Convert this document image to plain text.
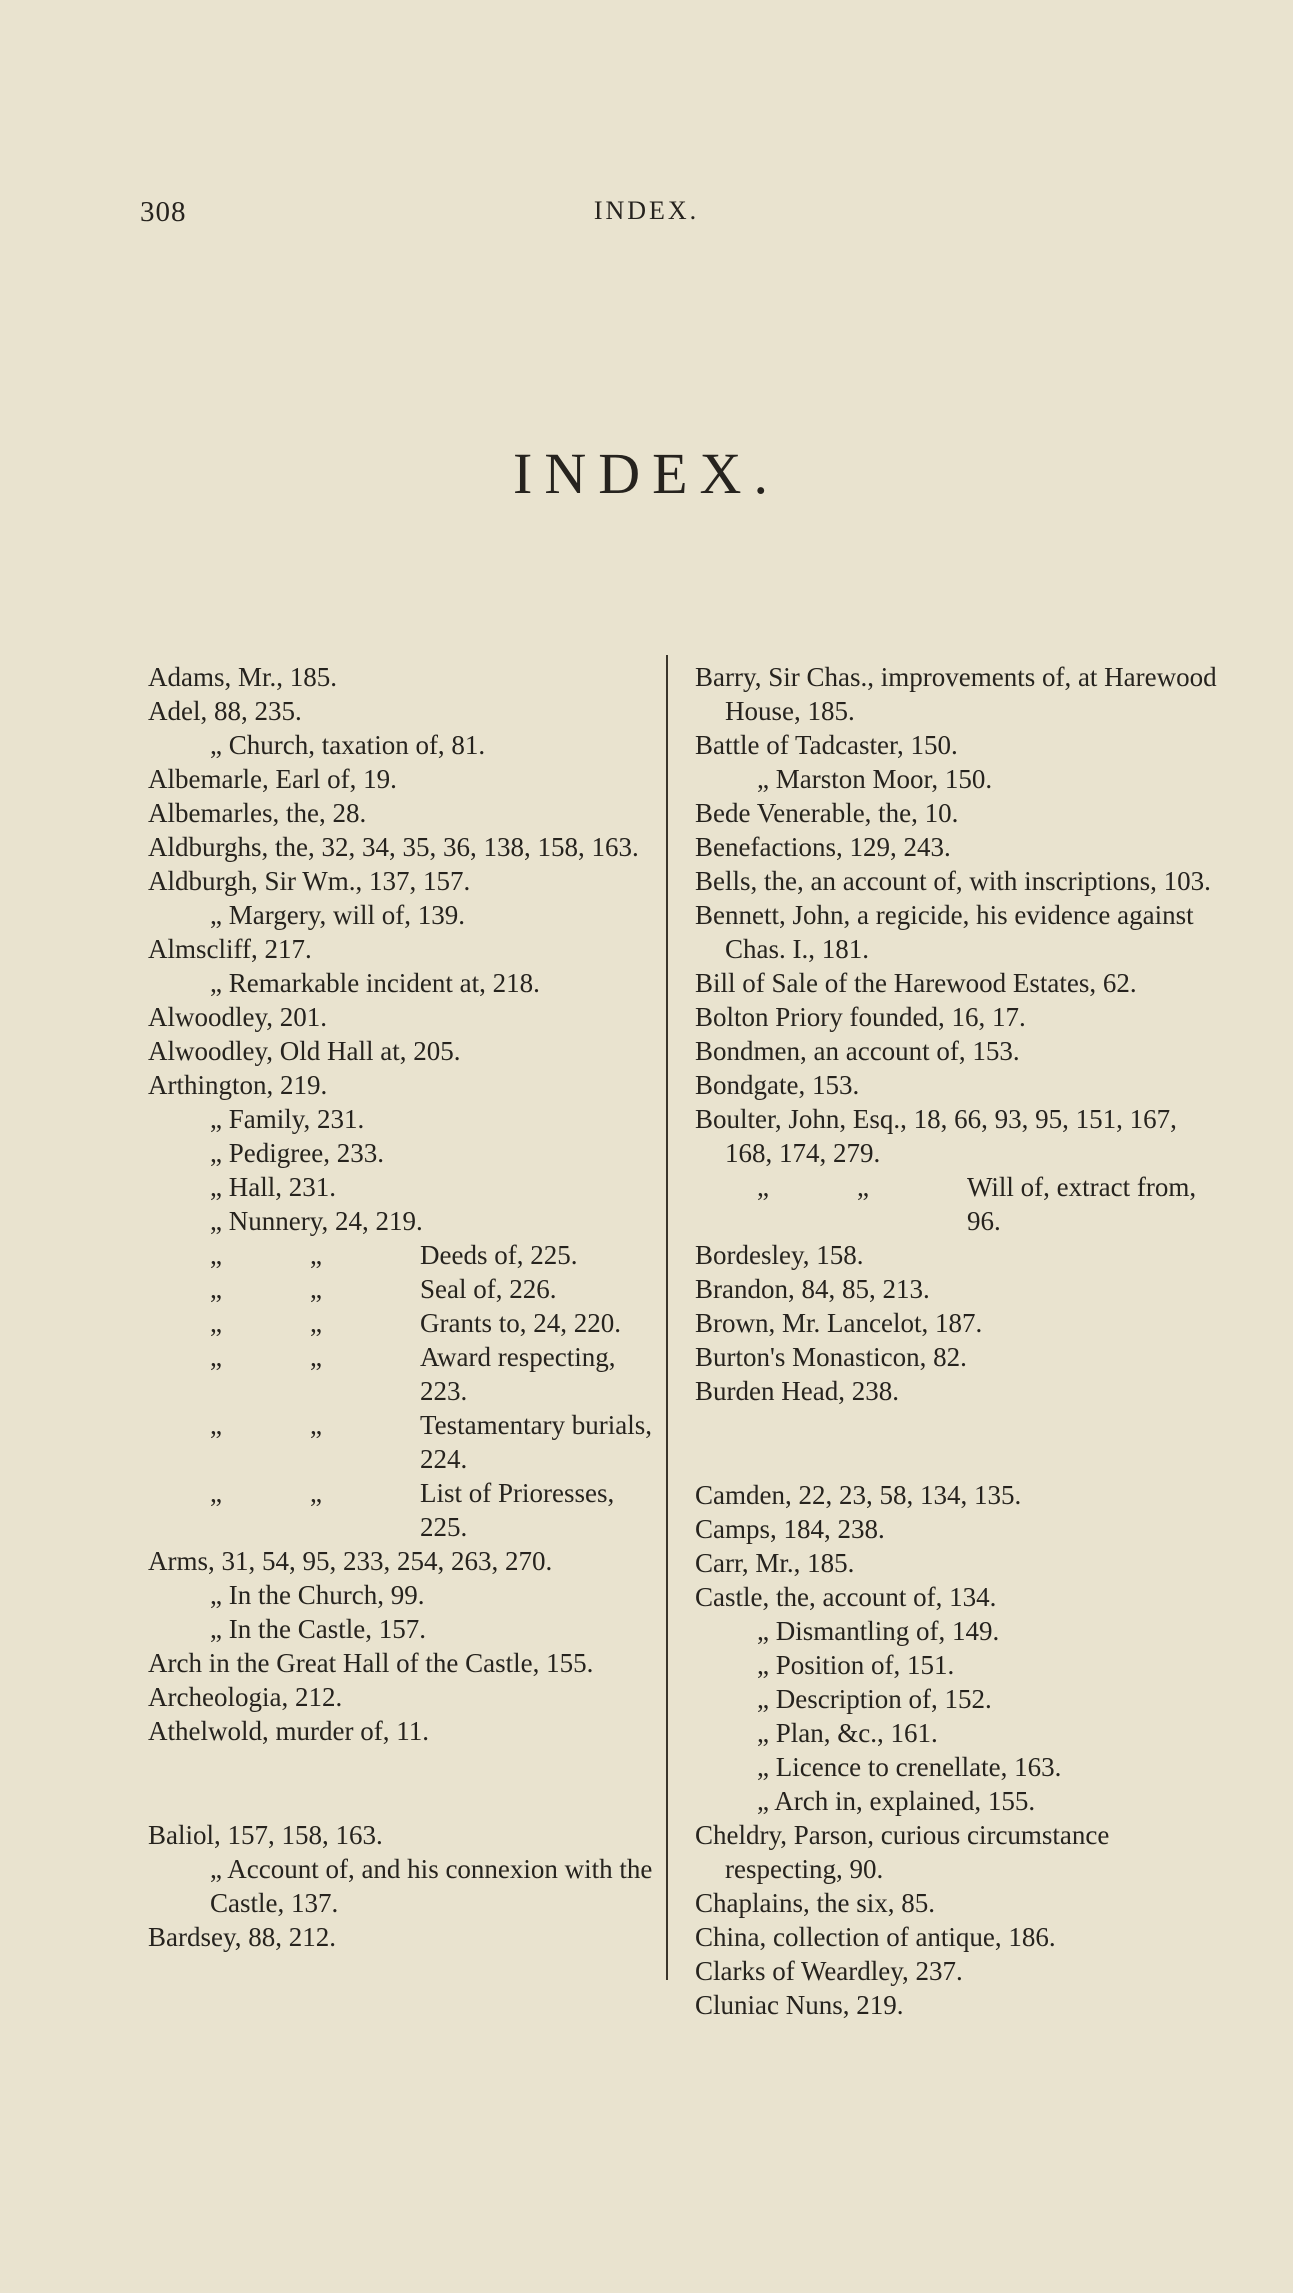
308	INDEX.
INDEX.

Adams, Mr., 185.

Adel, 88, 235.

„ Church, taxation of, 81.

Albemarle, Earl of, 19.

Albemarles, the, 28.

Aldburghs, the, 32, 34, 35, 36, 138, 158, 163.

Aldburgh, Sir Wm., 137, 157.

„ Margery, will of, 139.

Almscliff, 217.

„ Remarkable incident at, 218.

Alwoodley, 201.

Alwoodley, Old Hall at, 205.

Arthington, 219.

„ Family, 231.

„ Pedigree, 233.

„ Hall, 231.

„ Nunnery, 24, 219.

„	„	Deeds of, 225.

„	„	Seal of, 226.

„	„	Grants to, 24, 220.

„	„	Award respecting, 223.

„	„	Testamentary burials, 224.

„	„	List of Prioresses, 225.

Arms, 31, 54, 95, 233, 254, 263, 270.

„ In the Church, 99.

„ In the Castle, 157.

Arch in the Great Hall of the Castle, 155.

Archeologia, 212.

Athelwold, murder of, 11.

Baliol, 157, 158, 163.

„ Account of, and his connexion with the Castle, 137.

Bardsey, 88, 212.

Barry, Sir Chas., improvements of, at Harewood House, 185.

Battle of Tadcaster, 150.

„ Marston Moor, 150.

Bede Venerable, the, 10.

Benefactions, 129, 243.

Bells, the, an account of, with inscriptions, 103.

Bennett, John, a regicide, his evidence against Chas. I., 181.

Bill of Sale of the Harewood Estates, 62.

Bolton Priory founded, 16, 17.

Bondmen, an account of, 153.

Bondgate, 153.

Boulter, John, Esq., 18, 66, 93, 95, 151, 167, 168, 174, 279.

„	„	Will of, extract from, 96.

Bordesley, 158.

Brandon, 84, 85, 213.

Brown, Mr. Lancelot, 187.

Burton's Monasticon, 82.

Burden Head, 238.

Camden, 22, 23, 58, 134, 135.

Camps, 184, 238.

Carr, Mr., 185.

Castle, the, account of, 134.

„ Dismantling of, 149.

„ Position of, 151.

„ Description of, 152.

„ Plan, &c., 161.

„ Licence to crenellate, 163.

„ Arch in, explained, 155.

Cheldry, Parson, curious circumstance respecting, 90.

Chaplains, the six, 85.

China, collection of antique, 186.

Clarks of Weardley, 237.

Cluniac Nuns, 219.
